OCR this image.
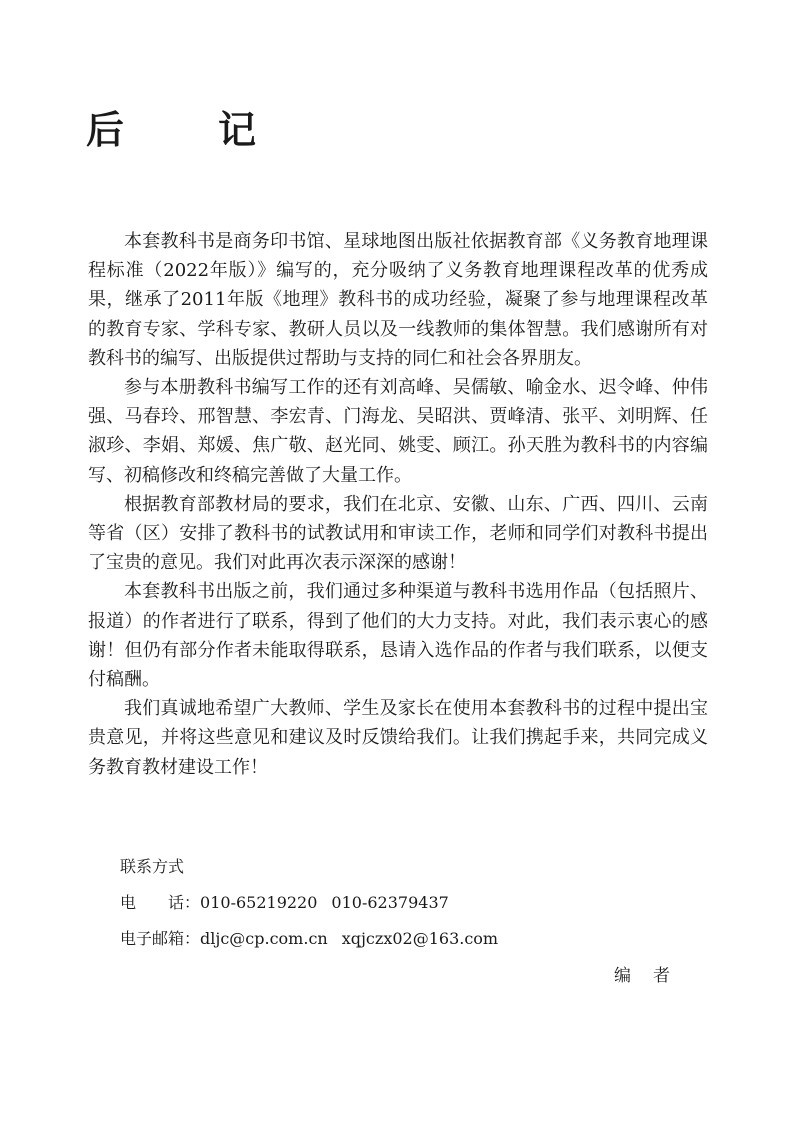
后　记

本套教科书是商务印书馆、星球地图出版社依据教育部《义务教育地理课程标准（2022年版）》编写的，充分吸纳了义务教育地理课程改革的优秀成果，继承了2011年版《地理》教科书的成功经验，凝聚了参与地理课程改革的教育专家、学科专家、教研人员以及一线教师的集体智慧。我们感谢所有对教科书的编写、出版提供过帮助与支持的同仁和社会各界朋友。

参与本册教科书编写工作的还有刘高峰、吴儒敏、喻金水、迟令峰、仲伟强、马春玲、邢智慧、李宏青、门海龙、吴昭洪、贾峰清、张平、刘明辉、任淑珍、李娟、郑媛、焦广敬、赵光同、姚雯、顾江。孙天胜为教科书的内容编写、初稿修改和终稿完善做了大量工作。

根据教育部教材局的要求，我们在北京、安徽、山东、广西、四川、云南等省（区）安排了教科书的试教试用和审读工作，老师和同学们对教科书提出了宝贵的意见。我们对此再次表示深深的感谢！

本套教科书出版之前，我们通过多种渠道与教科书选用作品（包括照片、报道）的作者进行了联系，得到了他们的大力支持。对此，我们表示衷心的感谢！但仍有部分作者未能取得联系，恳请入选作品的作者与我们联系，以便支付稿酬。

我们真诚地希望广大教师、学生及家长在使用本套教科书的过程中提出宝贵意见，并将这些意见和建议及时反馈给我们。让我们携起手来，共同完成义务教育教材建设工作！

联系方式
电话：010-65219220 010-62379437
电子邮箱：dljc@cp.com.cn xqjczx02@163.com
编者
